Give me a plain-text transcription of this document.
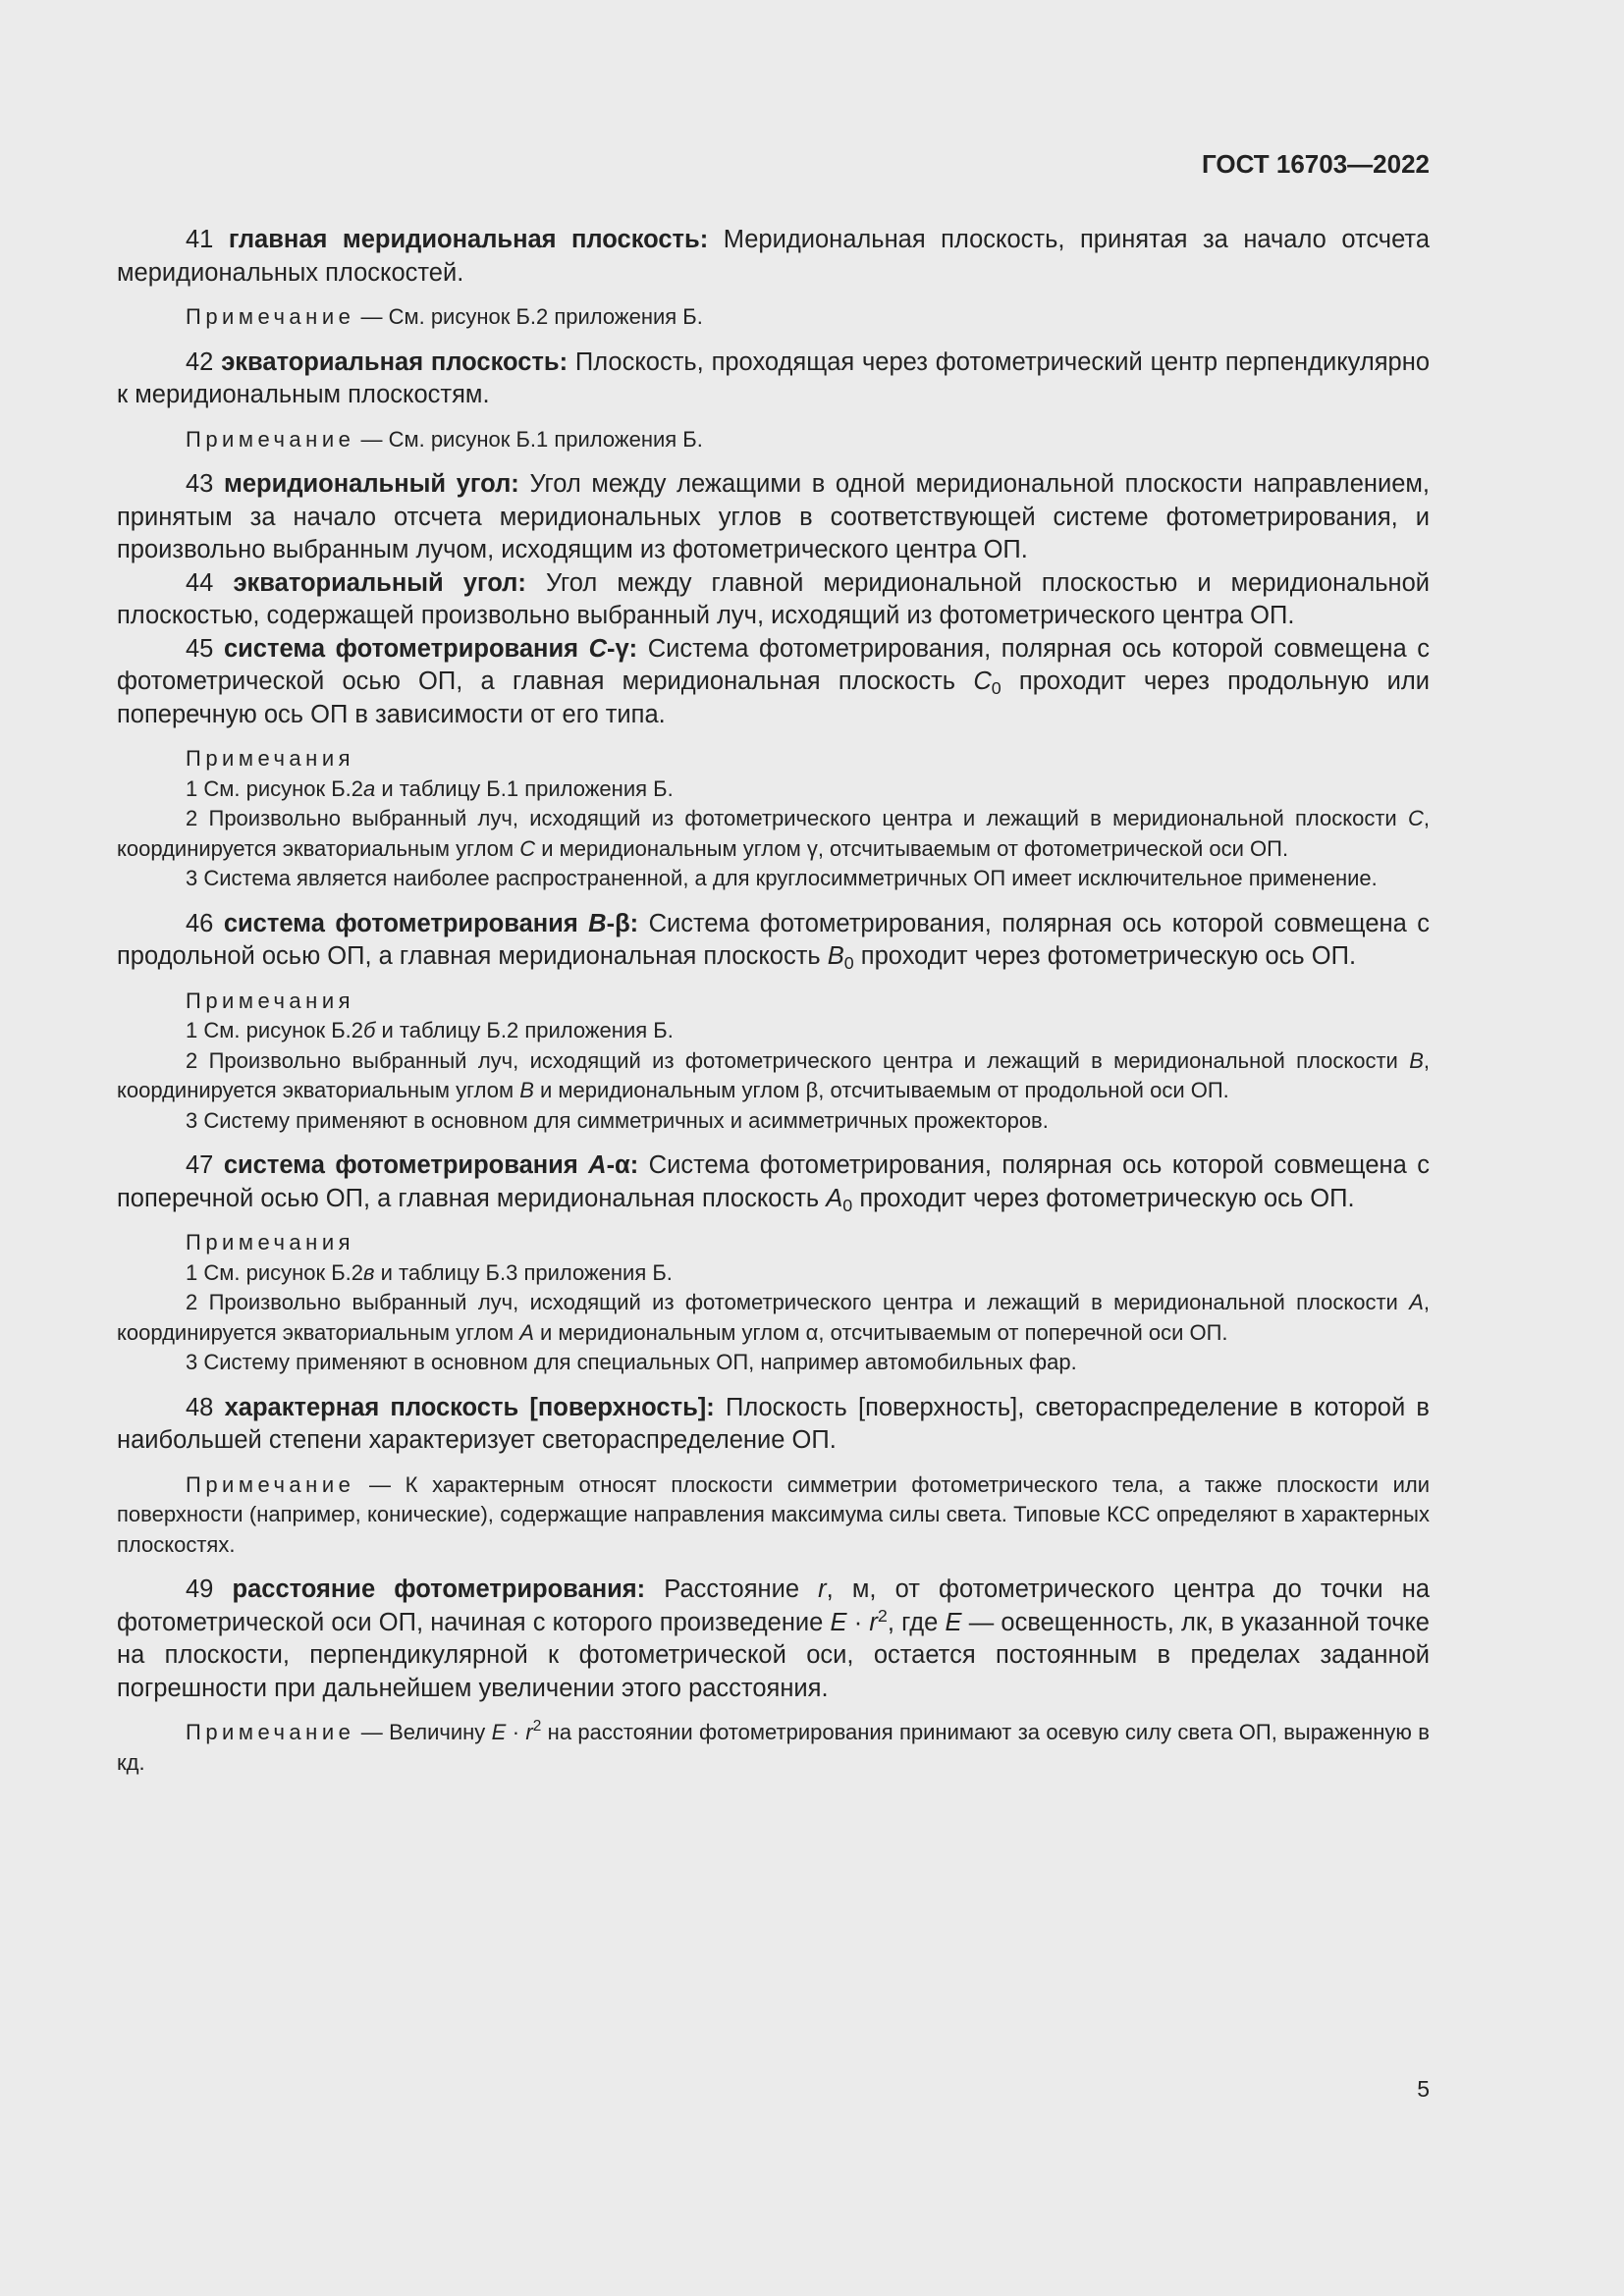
ГОСТ 16703—2022

41 главная меридиональная плоскость: Меридиональная плоскость, принятая за начало отсчета меридиональных плоскостей.

Примечание — См. рисунок Б.2 приложения Б.

42 экваториальная плоскость: Плоскость, проходящая через фотометрический центр перпендикулярно к меридиональным плоскостям.

Примечание — См. рисунок Б.1 приложения Б.

43 меридиональный угол: Угол между лежащими в одной меридиональной плоскости направлением, принятым за начало отсчета меридиональных углов в соответствующей системе фотометрирования, и произвольно выбранным лучом, исходящим из фотометрического центра ОП.

44 экваториальный угол: Угол между главной меридиональной плоскостью и меридиональной плоскостью, содержащей произвольно выбранный луч, исходящий из фотометрического центра ОП.

45 система фотометрирования C-γ: Система фотометрирования, полярная ось которой совмещена с фотометрической осью ОП, а главная меридиональная плоскость $C_0$ проходит через продольную или поперечную ось ОП в зависимости от его типа.

Примечания

1 См. рисунок Б.2а и таблицу Б.1 приложения Б.

2 Произвольно выбранный луч, исходящий из фотометрического центра и лежащий в меридиональной плоскости C, координируется экваториальным углом C и меридиональным углом γ, отсчитываемым от фотометрической оси ОП.

3 Система является наиболее распространенной, а для круглосимметричных ОП имеет исключительное применение.

46 система фотометрирования B-β: Система фотометрирования, полярная ось которой совмещена с продольной осью ОП, а главная меридиональная плоскость $B_0$ проходит через фотометрическую ось ОП.

Примечания

1 См. рисунок Б.2б и таблицу Б.2 приложения Б.

2 Произвольно выбранный луч, исходящий из фотометрического центра и лежащий в меридиональной плоскости B, координируется экваториальным углом B и меридиональным углом β, отсчитываемым от продольной оси ОП.

3 Систему применяют в основном для симметричных и асимметричных прожекторов.

47 система фотометрирования A-α: Система фотометрирования, полярная ось которой совмещена с поперечной осью ОП, а главная меридиональная плоскость $A_0$ проходит через фотометрическую ось ОП.

Примечания

1 См. рисунок Б.2в и таблицу Б.3 приложения Б.

2 Произвольно выбранный луч, исходящий из фотометрического центра и лежащий в меридиональной плоскости A, координируется экваториальным углом A и меридиональным углом α, отсчитываемым от поперечной оси ОП.

3 Систему применяют в основном для специальных ОП, например автомобильных фар.

48 характерная плоскость [поверхность]: Плоскость [поверхность], светораспределение в которой в наибольшей степени характеризует светораспределение ОП.

Примечание — К характерным относят плоскости симметрии фотометрического тела, а также плоскости или поверхности (например, конические), содержащие направления максимума силы света. Типовые КСС определяют в характерных плоскостях.

49 расстояние фотометрирования: Расстояние r, м, от фотометрического центра до точки на фотометрической оси ОП, начиная с которого произведение $E \cdot r^2$, где E — освещенность, лк, в указанной точке на плоскости, перпендикулярной к фотометрической оси, остается постоянным в пределах заданной погрешности при дальнейшем увеличении этого расстояния.

Примечание — Величину $E \cdot r^2$ на расстоянии фотометрирования принимают за осевую силу света ОП, выраженную в кд.

5
